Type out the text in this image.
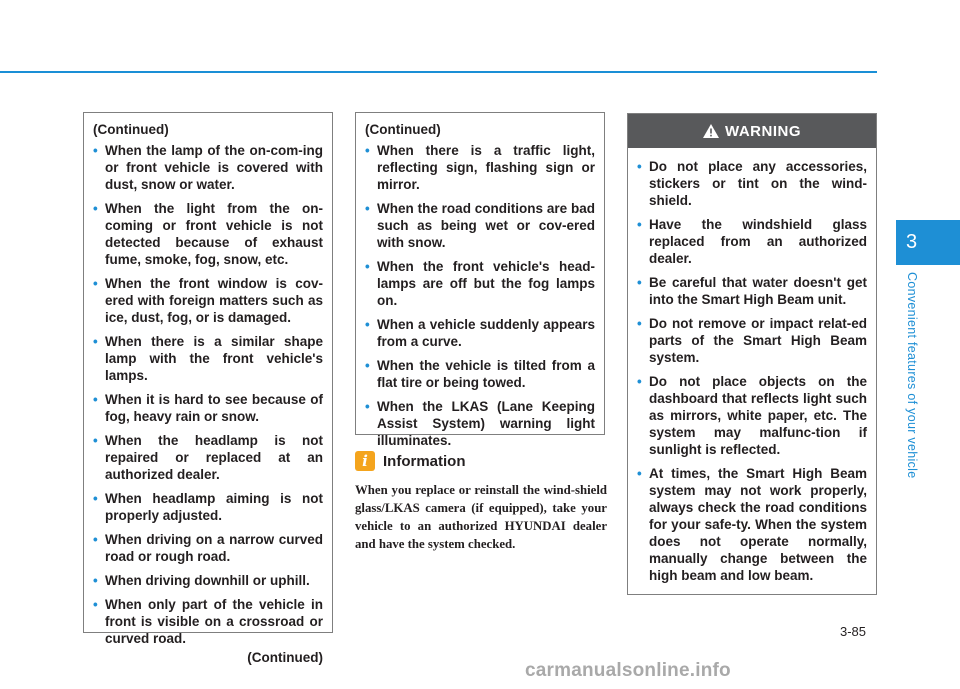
3
Convenient features of your vehicle
(Continued)
• When the lamp of the on-com-ing or front vehicle is covered with dust, snow or water.
• When the light from the on-coming or front vehicle is not detected because of exhaust fume, smoke, fog, snow, etc.
• When the front window is cov-ered with foreign matters such as ice, dust, fog, or is damaged.
• When there is a similar shape lamp with the front vehicle's lamps.
• When it is hard to see because of fog, heavy rain or snow.
• When the headlamp is not repaired or replaced at an authorized dealer.
• When headlamp aiming is not properly adjusted.
• When driving on a narrow curved road or rough road.
• When driving downhill or uphill.
• When only part of the vehicle in front is visible on a crossroad or curved road.
(Continued)
(Continued)
• When there is a traffic light, reflecting sign, flashing sign or mirror.
• When the road conditions are bad such as being wet or cov-ered with snow.
• When the front vehicle's head-lamps are off but the fog lamps on.
• When a vehicle suddenly appears from a curve.
• When the vehicle is tilted from a flat tire or being towed.
• When the LKAS (Lane Keeping Assist System) warning light illuminates.
i	Information
When you replace or reinstall the wind-shield glass/LKAS camera (if equipped), take your vehicle to an authorized HYUNDAI dealer and have the system checked.
WARNING
• Do not place any accessories, stickers or tint on the wind-shield.
• Have the windshield glass replaced from an authorized dealer.
• Be careful that water doesn't get into the Smart High Beam unit.
• Do not remove or impact relat-ed parts of the Smart High Beam system.
• Do not place objects on the dashboard that reflects light such as mirrors, white paper, etc. The system may malfunc-tion if sunlight is reflected.
• At times, the Smart High Beam system may not work properly, always check the road conditions for your safe-ty. When the system does not operate normally, manually change between the high beam and low beam.
3-85
carmanualsonline.info
